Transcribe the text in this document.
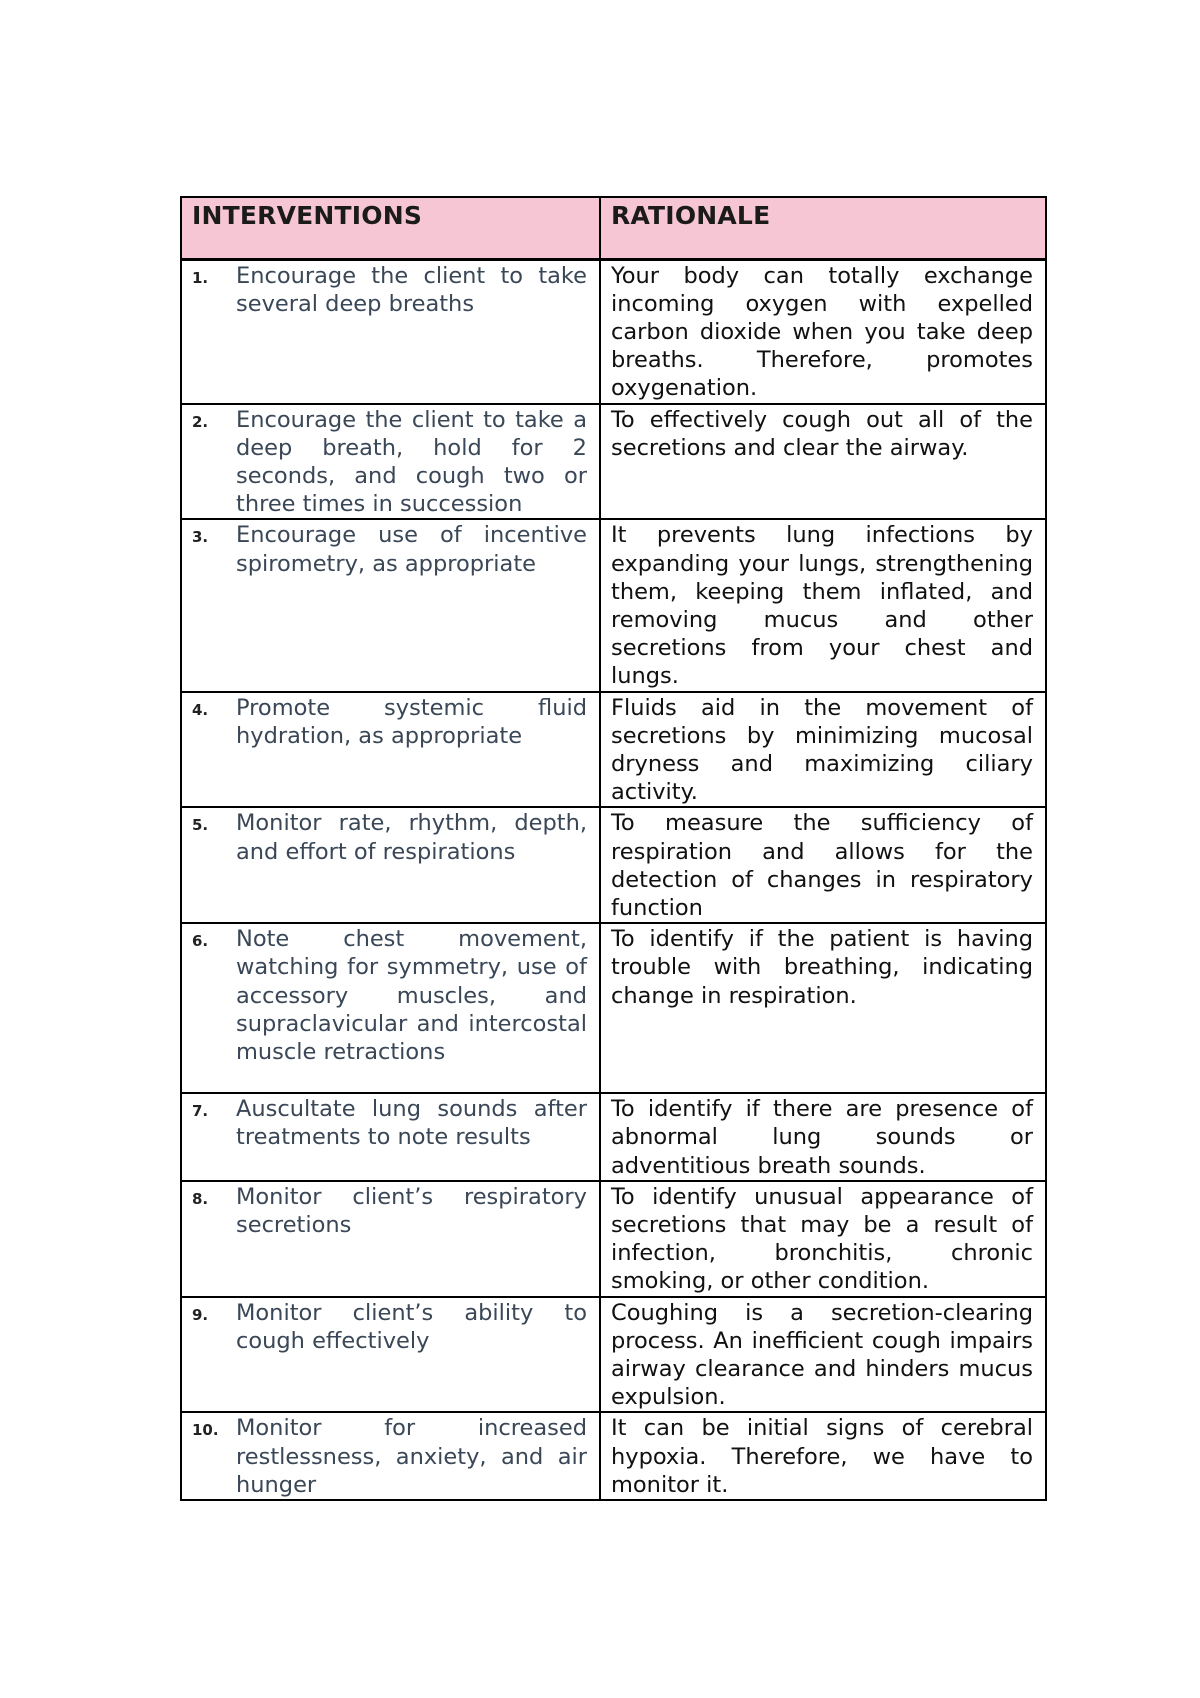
INTERVENTIONS	RATIONALE

1. Encourage the client to take several deep breaths	Your body can totally exchange incoming oxygen with expelled carbon dioxide when you take deep breaths. Therefore, promotes oxygenation.

2. Encourage the client to take a deep breath, hold for 2 seconds, and cough two or three times in succession	To effectively cough out all of the secretions and clear the airway.

3. Encourage use of incentive spirometry, as appropriate	It prevents lung infections by expanding your lungs, strengthening them, keeping them inflated, and removing mucus and other secretions from your chest and lungs.

4. Promote systemic fluid hydration, as appropriate	Fluids aid in the movement of secretions by minimizing mucosal dryness and maximizing ciliary activity.

5. Monitor rate, rhythm, depth, and effort of respirations	To measure the sufficiency of respiration and allows for the detection of changes in respiratory function

6. Note chest movement, watching for symmetry, use of accessory muscles, and supraclavicular and intercostal muscle retractions	To identify if the patient is having trouble with breathing, indicating change in respiration.

7. Auscultate lung sounds after treatments to note results	To identify if there are presence of abnormal lung sounds or adventitious breath sounds.

8. Monitor client’s respiratory secretions	To identify unusual appearance of secretions that may be a result of infection, bronchitis, chronic smoking, or other condition.

9. Monitor client’s ability to cough effectively	Coughing is a secretion-clearing process. An inefficient cough impairs airway clearance and hinders mucus expulsion.

10. Monitor for increased restlessness, anxiety, and air hunger	It can be initial signs of cerebral hypoxia. Therefore, we have to monitor it.
